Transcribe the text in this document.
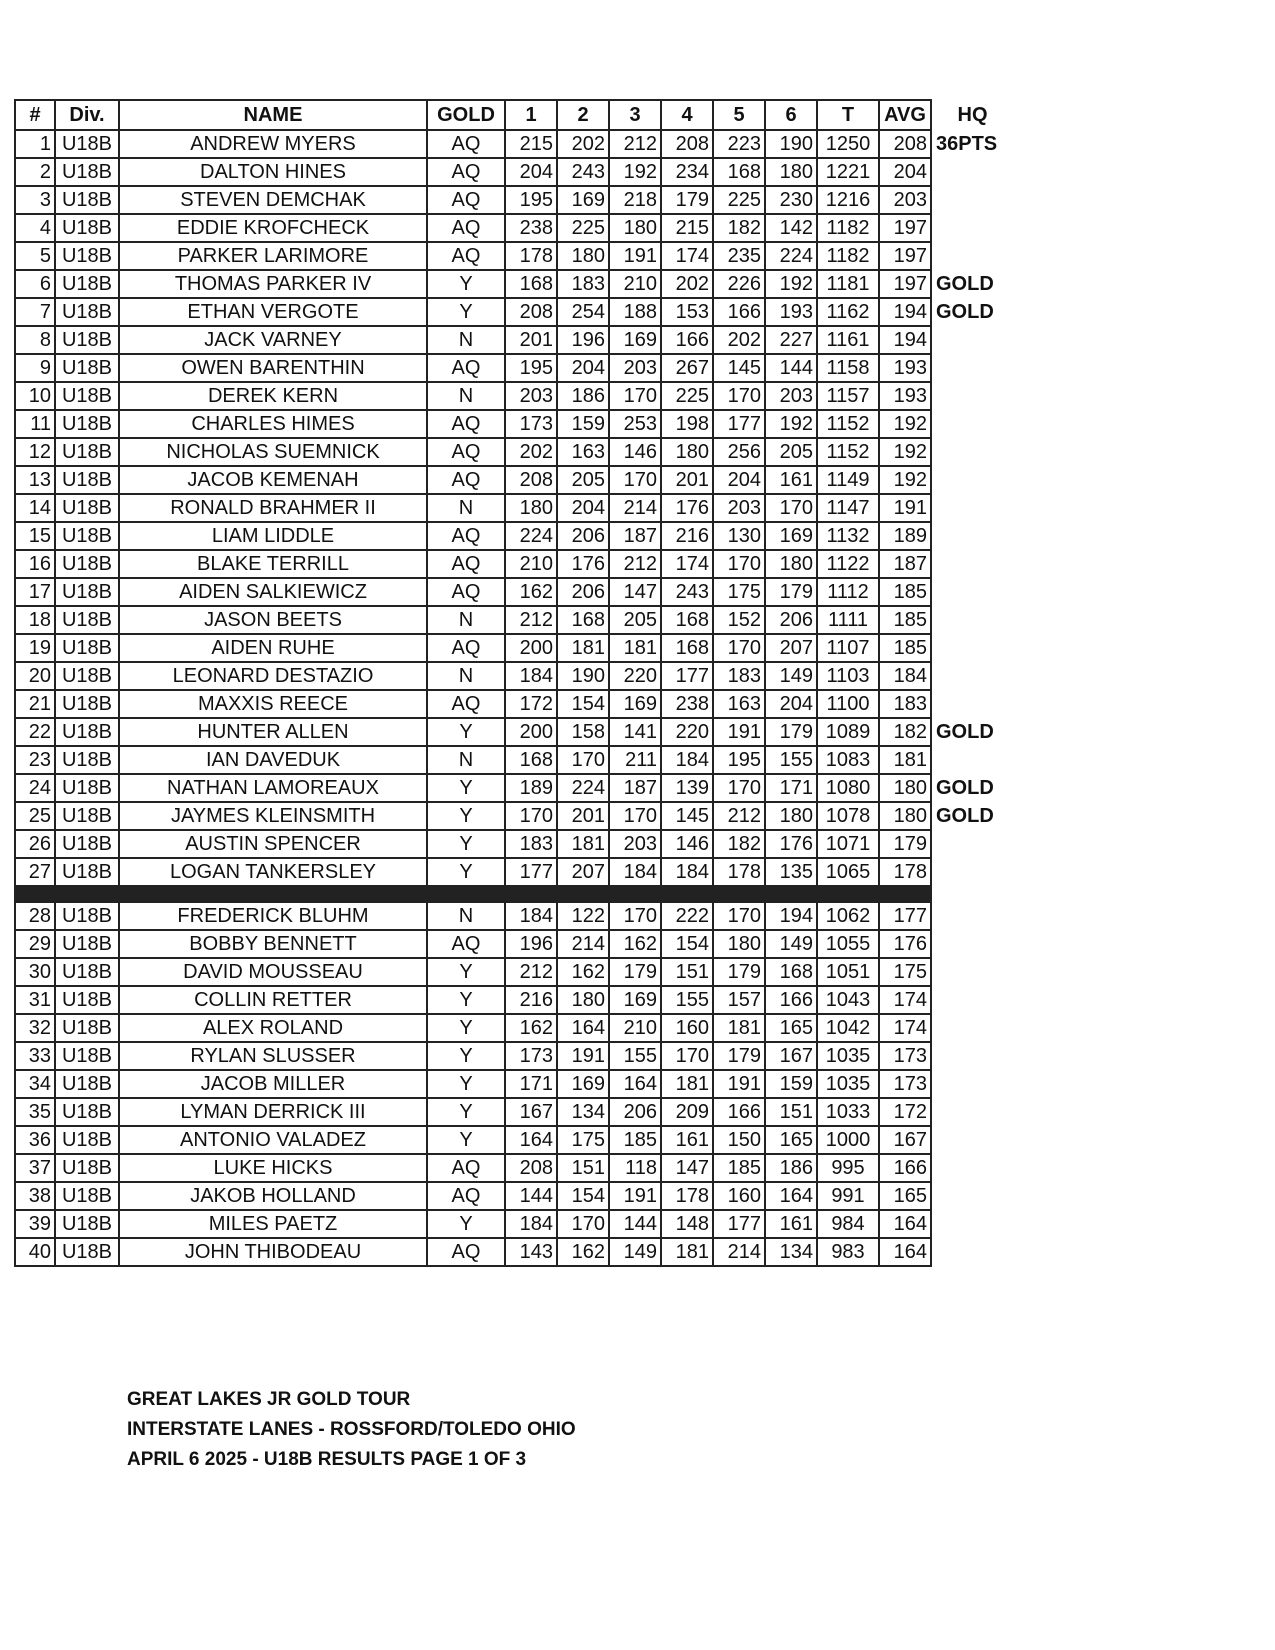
#	Div.	NAME	GOLD	1	2	3	4	5	6	T	AVG	HQ
1	U18B	ANDREW MYERS	AQ	215	202	212	208	223	190	1250	208	36PTS
2	U18B	DALTON HINES	AQ	204	243	192	234	168	180	1221	204	
3	U18B	STEVEN DEMCHAK	AQ	195	169	218	179	225	230	1216	203	
4	U18B	EDDIE KROFCHECK	AQ	238	225	180	215	182	142	1182	197	
5	U18B	PARKER LARIMORE	AQ	178	180	191	174	235	224	1182	197	
6	U18B	THOMAS PARKER IV	Y	168	183	210	202	226	192	1181	197	GOLD
7	U18B	ETHAN VERGOTE	Y	208	254	188	153	166	193	1162	194	GOLD
8	U18B	JACK VARNEY	N	201	196	169	166	202	227	1161	194	
9	U18B	OWEN BARENTHIN	AQ	195	204	203	267	145	144	1158	193	
10	U18B	DEREK KERN	N	203	186	170	225	170	203	1157	193	
11	U18B	CHARLES HIMES	AQ	173	159	253	198	177	192	1152	192	
12	U18B	NICHOLAS SUEMNICK	AQ	202	163	146	180	256	205	1152	192	
13	U18B	JACOB KEMENAH	AQ	208	205	170	201	204	161	1149	192	
14	U18B	RONALD BRAHMER II	N	180	204	214	176	203	170	1147	191	
15	U18B	LIAM LIDDLE	AQ	224	206	187	216	130	169	1132	189	
16	U18B	BLAKE TERRILL	AQ	210	176	212	174	170	180	1122	187	
17	U18B	AIDEN SALKIEWICZ	AQ	162	206	147	243	175	179	1112	185	
18	U18B	JASON BEETS	N	212	168	205	168	152	206	1111	185	
19	U18B	AIDEN RUHE	AQ	200	181	181	168	170	207	1107	185	
20	U18B	LEONARD DESTAZIO	N	184	190	220	177	183	149	1103	184	
21	U18B	MAXXIS REECE	AQ	172	154	169	238	163	204	1100	183	
22	U18B	HUNTER ALLEN	Y	200	158	141	220	191	179	1089	182	GOLD
23	U18B	IAN DAVEDUK	N	168	170	211	184	195	155	1083	181	
24	U18B	NATHAN LAMOREAUX	Y	189	224	187	139	170	171	1080	180	GOLD
25	U18B	JAYMES KLEINSMITH	Y	170	201	170	145	212	180	1078	180	GOLD
26	U18B	AUSTIN SPENCER	Y	183	181	203	146	182	176	1071	179	
27	U18B	LOGAN TANKERSLEY	Y	177	207	184	184	178	135	1065	178	

28	U18B	FREDERICK BLUHM	N	184	122	170	222	170	194	1062	177	
29	U18B	BOBBY BENNETT	AQ	196	214	162	154	180	149	1055	176	
30	U18B	DAVID MOUSSEAU	Y	212	162	179	151	179	168	1051	175	
31	U18B	COLLIN RETTER	Y	216	180	169	155	157	166	1043	174	
32	U18B	ALEX ROLAND	Y	162	164	210	160	181	165	1042	174	
33	U18B	RYLAN SLUSSER	Y	173	191	155	170	179	167	1035	173	
34	U18B	JACOB MILLER	Y	171	169	164	181	191	159	1035	173	
35	U18B	LYMAN DERRICK III	Y	167	134	206	209	166	151	1033	172	
36	U18B	ANTONIO VALADEZ	Y	164	175	185	161	150	165	1000	167	
37	U18B	LUKE HICKS	AQ	208	151	118	147	185	186	995	166	
38	U18B	JAKOB HOLLAND	AQ	144	154	191	178	160	164	991	165	
39	U18B	MILES PAETZ	Y	184	170	144	148	177	161	984	164	
40	U18B	JOHN THIBODEAU	AQ	143	162	149	181	214	134	983	164	
GREAT LAKES JR GOLD TOUR
INTERSTATE LANES - ROSSFORD/TOLEDO OHIO
APRIL 6 2025 - U18B RESULTS PAGE 1 OF 3
